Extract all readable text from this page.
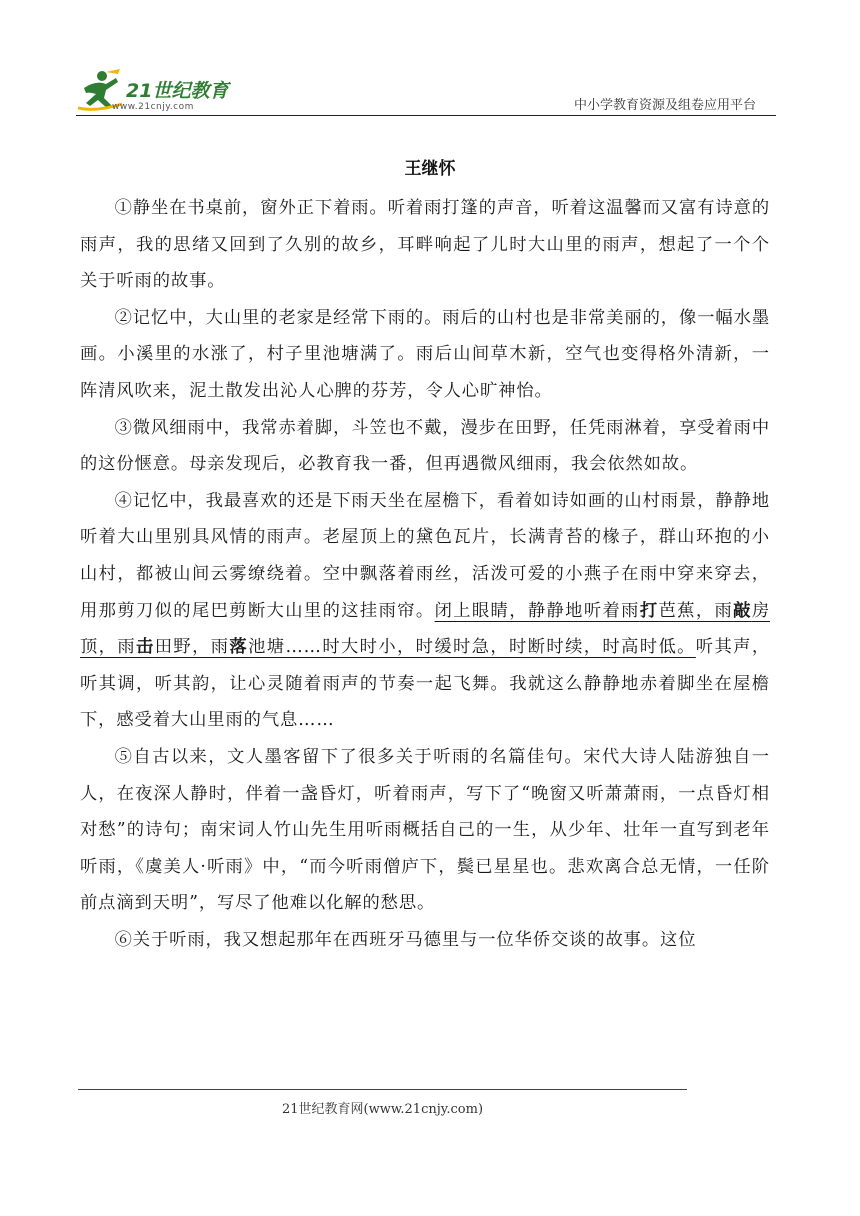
21世纪教育
www.21cnjy.com	中小学教育资源及组卷应用平台
王继怀

①静坐在书桌前，窗外正下着雨。听着雨打篷的声音，听着这温馨而又富有诗意的雨声，我的思绪又回到了久别的故乡，耳畔响起了儿时大山里的雨声，想起了一个个关于听雨的故事。

②记忆中，大山里的老家是经常下雨的。雨后的山村也是非常美丽的，像一幅水墨画。小溪里的水涨了，村子里池塘满了。雨后山间草木新，空气也变得格外清新，一阵清风吹来，泥土散发出沁人心脾的芬芳，令人心旷神怡。

③微风细雨中，我常赤着脚，斗笠也不戴，漫步在田野，任凭雨淋着，享受着雨中的这份惬意。母亲发现后，必教育我一番，但再遇微风细雨，我会依然如故。

④记忆中，我最喜欢的还是下雨天坐在屋檐下，看着如诗如画的山村雨景，静静地听着大山里别具风情的雨声。老屋顶上的黛色瓦片，长满青苔的椽子，群山环抱的小山村，都被山间云雾缭绕着。空中飘落着雨丝，活泼可爱的小燕子在雨中穿来穿去，用那剪刀似的尾巴剪断大山里的这挂雨帘。闭上眼睛，静静地听着雨打芭蕉，雨敲房顶，雨击田野，雨落池塘……时大时小，时缓时急，时断时续，时高时低。听其声，听其调，听其韵，让心灵随着雨声的节奏一起飞舞。我就这么静静地赤着脚坐在屋檐下，感受着大山里雨的气息……

⑤自古以来，文人墨客留下了很多关于听雨的名篇佳句。宋代大诗人陆游独自一人，在夜深人静时，伴着一盏昏灯，听着雨声，写下了“晚窗又听萧萧雨，一点昏灯相对愁”的诗句；南宋词人竹山先生用听雨概括自己的一生，从少年、壮年一直写到老年听雨，《虞美人·听雨》中，“而今听雨僧庐下，鬓已星星也。悲欢离合总无情，一任阶前点滴到天明”，写尽了他难以化解的愁思。

⑥关于听雨，我又想起那年在西班牙马德里与一位华侨交谈的故事。这位

21世纪教育网(www.21cnjy.com)
